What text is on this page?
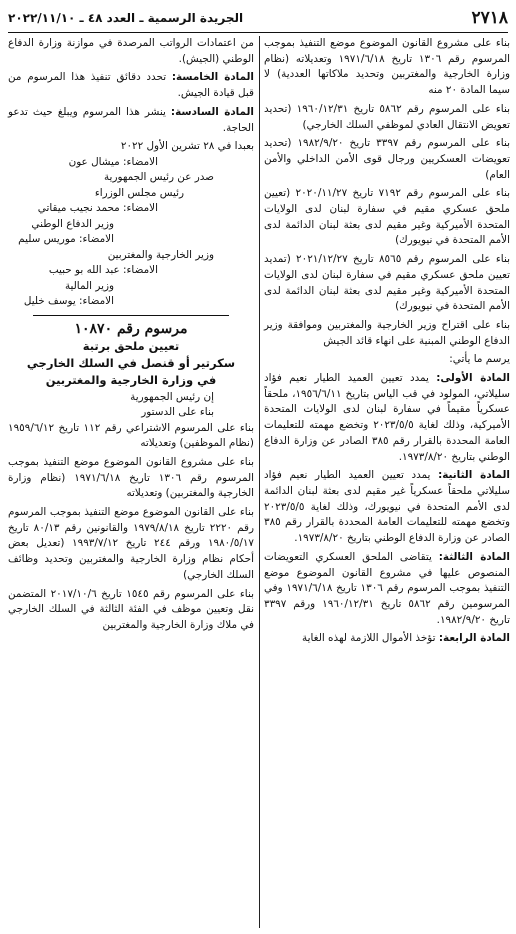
٢٧١٨
الجريدة الرسمية ـ العدد ٤٨ ـ ٢٠٢٢/١١/١٠

بناء على مشروع القانون الموضوع موضع التنفيذ بموجب المرسوم رقم ١٣٠٦ تاريخ ١٩٧١/٦/١٨ وتعديلاته (نظام وزارة الخارجية والمغتربين وتحديد ملاكاتها العددية) لا سيما المادة ٢٠ منه

بناء على المرسوم رقم ٥٨٦٢ تاريخ ١٩٦٠/١٢/٣١ (تحديد تعويض الانتقال العادي لموظفي السلك الخارجي)

بناء على المرسوم رقم ٣٣٩٧ تاريخ ١٩٨٢/٩/٢٠ (تحديد تعويضات العسكريين ورجال قوى الأمن الداخلي والأمن العام)

بناء على المرسوم رقم ٧١٩٢ تاريخ ٢٠٢٠/١١/٢٧ (تعيين ملحق عسكري مقيم في سفارة لبنان لدى الولايات المتحدة الأميركية وغير مقيم لدى بعثة لبنان الدائمة لدى الأمم المتحدة في نيويورك)

بناء على المرسوم رقم ٨٥٦٥ تاريخ ٢٠٢١/١٢/٢٧ (تمديد تعيين ملحق عسكري مقيم في سفارة لبنان لدى الولايات المتحدة الأميركية وغير مقيم لدى بعثة لبنان الدائمة لدى الأمم المتحدة في نيويورك)

بناء على اقتراح وزير الخارجية والمغتربين وموافقة وزير الدفاع الوطني المبنية على انهاء قائد الجيش

يرسم ما يأتي:

المادة الأولى: يمدد تعيين العميد الطيار نعيم فؤاد سليلاتي، المولود في قب الياس بتاريخ ١٩٥٦/٦/١١، ملحقاً عسكرياً مقيماً في سفارة لبنان لدى الولايات المتحدة الأميركية، وذلك لغاية ٢٠٢٣/٥/٥ وتخضع مهمته للتعليمات العامة المحددة بالقرار رقم ٣٨٥ الصادر عن وزارة الدفاع الوطني بتاريخ ١٩٧٣/٨/٢٠.

المادة الثانية: يمدد تعيين العميد الطيار نعيم فؤاد سليلاتي ملحقاً عسكرياً غير مقيم لدى بعثة لبنان الدائمة لدى الأمم المتحدة في نيويورك، وذلك لغاية ٢٠٢٣/٥/٥ وتخضع مهمته للتعليمات العامة المحددة بالقرار رقم ٣٨٥ الصادر عن وزارة الدفاع الوطني بتاريخ ١٩٧٣/٨/٢٠.

المادة الثالثة: يتقاضى الملحق العسكري التعويضات المنصوص عليها في مشروع القانون الموضوع موضع التنفيذ بموجب المرسوم رقم ١٣٠٦ تاريخ ١٩٧١/٦/١٨ وفي المرسومين رقم ٥٨٦٢ تاريخ ١٩٦٠/١٢/٣١ ورقم ٣٣٩٧ تاريخ ١٩٨٢/٩/٢٠.

المادة الرابعة: تؤخذ الأموال اللازمة لهذه الغاية

من اعتمادات الرواتب المرصدة في موازنة وزارة الدفاع الوطني (الجيش).

المادة الخامسة: تحدد دقائق تنفيذ هذا المرسوم من قبل قيادة الجيش.

المادة السادسة: ينشر هذا المرسوم ويبلغ حيث تدعو الحاجة.

بعبدا في ٢٨ تشرين الأول ٢٠٢٢

الامضاء: ميشال عون

صدر عن رئيس الجمهورية

رئيس مجلس الوزراء

الامضاء: محمد نجيب ميقاتي

وزير الدفاع الوطني

الامضاء: موريس سليم

وزير الخارجية والمغتربين

الامضاء: عبد الله بو حبيب

وزير المالية

الامضاء: يوسف خليل

مرسوم رقم ١٠٨٧٠
تعيين ملحق برتبة
سكرتير أو قنصل في السلك الخارجي
في وزارة الخارجية والمغتربين

إن رئيس الجمهورية

بناء على الدستور

بناء على المرسوم الاشتراعي رقم ١١٢ تاريخ ١٩٥٩/٦/١٢ (نظام الموظفين) وتعديلاته

بناء على مشروع القانون الموضوع موضع التنفيذ بموجب المرسوم رقم ١٣٠٦ تاريخ ١٩٧١/٦/١٨ (نظام وزارة الخارجية والمغتربين) وتعديلاته

بناء على القانون الموضوع موضع التنفيذ بموجب المرسوم رقم ٢٢٢٠ تاريخ ١٩٧٩/٨/١٨ والقانونين رقم ٨٠/١٣ تاريخ ١٩٨٠/٥/١٧ ورقم ٢٤٤ تاريخ ١٩٩٣/٧/١٢ (تعديل بعض أحكام نظام وزارة الخارجية والمغتربين وتحديد وظائف السلك الخارجي)

بناء على المرسوم رقم ١٥٤٥ تاريخ ٢٠١٧/١٠/٦ المتضمن نقل وتعيين موظف في الفئة الثالثة في السلك الخارجي في ملاك وزارة الخارجية والمغتربين
